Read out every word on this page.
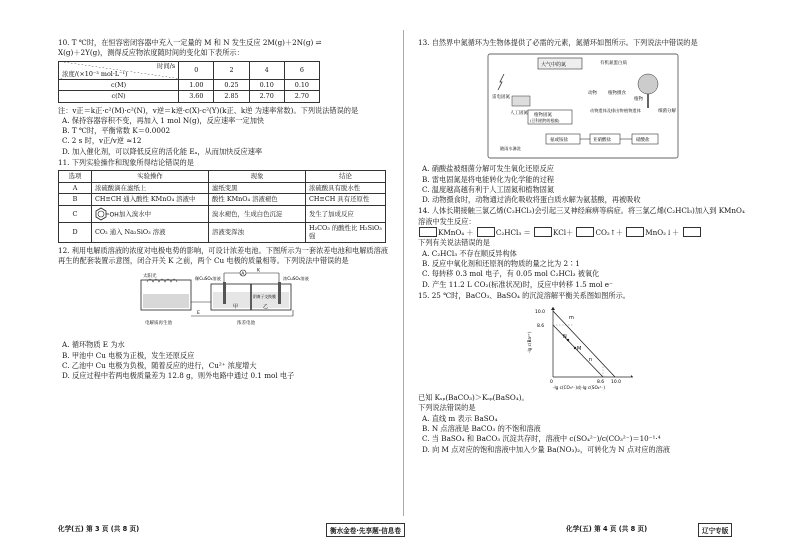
10. T ℃时，在恒容密闭容器中充入一定量的 M 和 N 发生反应 2M(g)＋2N(g) ⇌

X(g)＋2Y(g)，测得反应物浓度随时间的变化如下表所示：

时间/s
浓度/(×10⁻³ mol·L⁻¹)	0	2	4	6
c(M)	1.00	0.25	0.10	0.10
c(N)	3.60	2.85	2.70	2.70

注：v正＝k正·c²(M)·c²(N)，v逆＝k逆·c(X)·c²(Y)(k正、k逆 为速率常数)。下列说法错误的是

A. 保持容器容积不变，再加入 1 mol N(g)，反应速率一定加快

B. T ℃时，平衡常数 K＝0.0002

C. 2 s 时，v正/v逆 ≈12

D. 加入催化剂，可以降低反应的活化能 Eₐ，从而加快反应速率

11. 下列实验操作和现象所得结论错误的是

选项	实验操作	现象	结论
A	浓硫酸滴在滤纸上	滤纸变黑	浓硫酸具有脱水性
B	CH≡CH 通入酸性 KMnO₄ 溶液中	酸性 KMnO₄ 溶液褪色	CH≡CH 具有还原性
C	OH 加入溴水中	溴水褪色，生成白色沉淀	发生了加成反应
D	CO₂ 通入 Na₂SiO₃ 溶液	溶液变浑浊	H₂CO₃ 的酸性比 H₂SiO₃ 强

12. 利用电解质溶液的浓度对电极电势的影响，可设计浓差电池。下图所示为一套浓差电池和电解质溶液再生的配套装置示意图，闭合开关 K 之前，两个 Cu 电极的质量相等。下列说法中错误的是

A
K
太阳光	稀CuSO₄溶液	浓CuSO₄溶液
甲	乙
阴离子交换膜
E
电解质再生池	浓差电池

A. 循环物质 E 为水

B. 甲池中 Cu 电极为正极，发生还原反应

C. 乙池中 Cu 电极为负极，随着反应的进行，Cu²⁺ 浓度增大

D. 反应过程中若两电极质量差为 12.8 g，则外电路中通过 0.1 mol 电子

13. 自然界中氮循环为生物体提供了必需的元素，氮循环如图所示。下列说法中错误的是

大气中的氮	有机氮蛋白质
雷电固氮
人工固氮 植物固氮
(豆科植物的根瘤)
动物 植物摄食
细菌分解
动物遗体及排出物 植物遗体
植物
氨或铵盐	亚硝酸盐	硝酸盐
随雨水淋洗

A. 硝酸盐被细菌分解可发生氧化还原反应

B. 雷电固氮是将电能转化为化学能的过程

C. 温度越高越有利于人工固氮和植物固氮

D. 动物摄食时，动物通过消化吸收将蛋白质水解为氨基酸，再被吸收

14. 人体长期接触三氯乙烯(C₂HCl₃)会引起三叉神经麻痹等病症。将三氯乙烯(C₂HCl₃)加入到 KMnO₄ 溶液中发生反应：

KMnO₄ ＋	C₂HCl₃ ＝	KCl＋	CO₂↑＋	MnO₂↓＋

下列有关说法错误的是

A. C₂HCl₃ 不存在顺反异构体

B. 反应中氧化剂和还原剂的物质的量之比为 2∶1

C. 每转移 0.3 mol 电子，有 0.05 mol C₂HCl₃ 被氧化

D. 产生 11.2 L CO₂(标准状况)时，反应中转移 1.5 mol e⁻

15. 25 ℃时，BaCO₃、BaSO₄ 的沉淀溶解平衡关系图如图所示。

10.0
8.6
8.6 10.0
0
m
N
M
n
-lg c(Ba²⁺)
-lg c(CO₃²⁻)或-lg c(SO₄²⁻)

已知 Kₛₚ(BaCO₃)＞Kₛₚ(BaSO₄)。

下列说法错误的是

A. 直线 m 表示 BaSO₄

B. N 点溶液是 BaCO₃ 的不饱和溶液

C. 当 BaSO₄ 和 BaCO₃ 沉淀共存时，溶液中 c(SO₄²⁻)/c(CO₃²⁻)＝10⁻¹·⁴

D. 向 M 点对应的饱和溶液中加入少量 Ba(NO₃)₂，可转化为 N 点对应的溶液

化学(五) 第 3 页 (共 8 页)	衡水金卷·先享题·信息卷	化学(五) 第 4 页 (共 8 页)	辽宁专版
